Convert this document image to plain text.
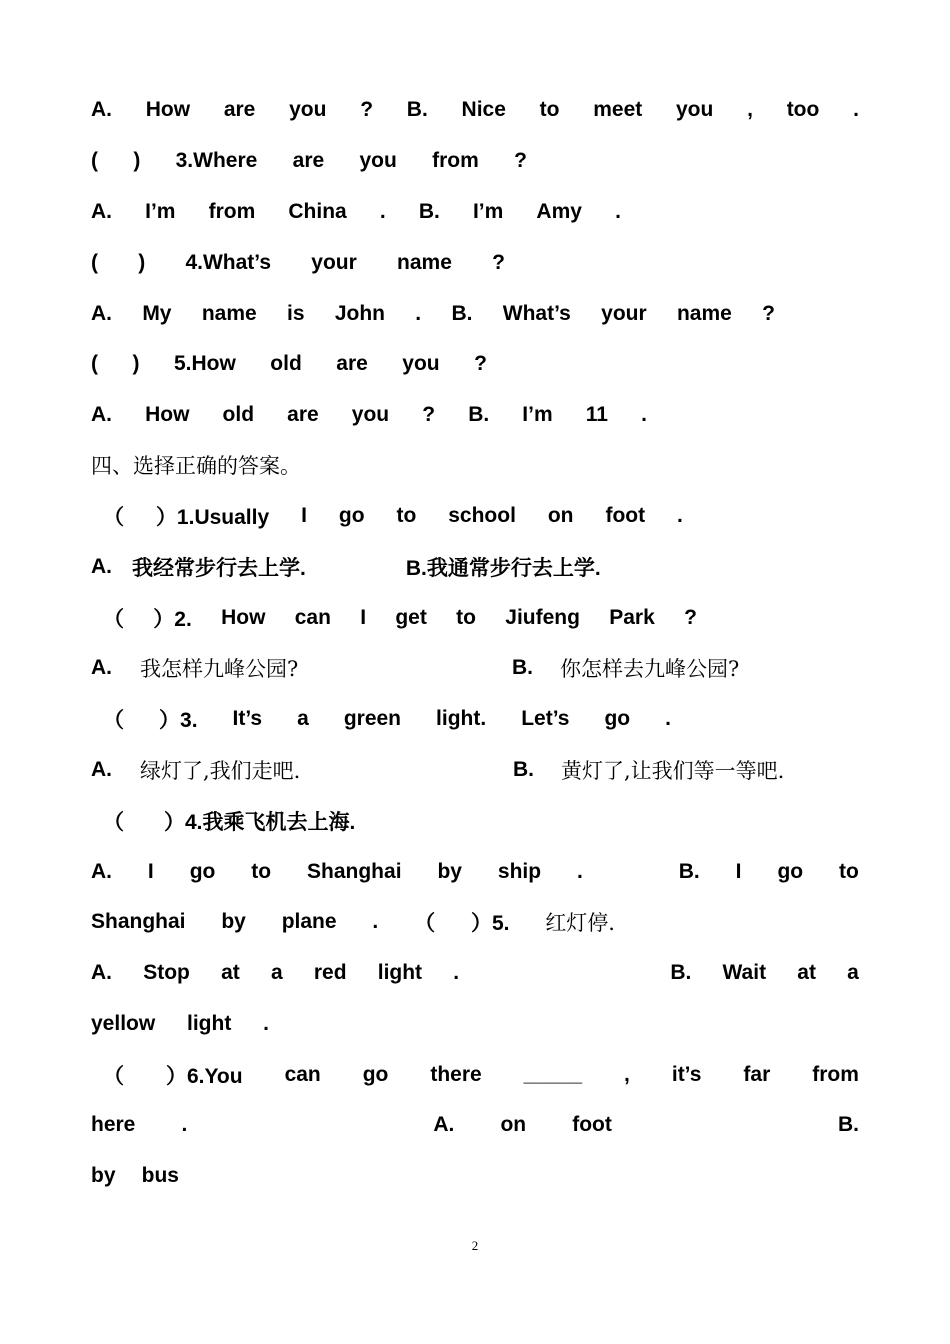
A. How are you ? B. Nice to meet you , too .
( ) 3.Where are you from ?
A. I’m from China . B. I’m Amy .
( ) 4.What’s your name ?
A. My name is John . B. What’s your name ?
( ) 5.How old are you ?
A. How old are you ? B. I’m 11 .
四、选择正确的答案。
（ ）1.Usually I go to school on foot .
A. 我经常步行去上学.	B.我通常步行去上学.
（ ）2. How can I get to Jiufeng Park ?
A. 我怎样九峰公园?	B. 你怎样去九峰公园?
（ ）3. It’s a green light. Let’s go .
A. 绿灯了,我们走吧.	B. 黄灯了,让我们等一等吧.
（ ）4.我乘飞机去上海.
A. I go to Shanghai by ship .	B. I go to
Shanghai by plane . （ ）5. 红灯停.
A. Stop at a red light .	B. Wait at a
yellow light .
（ ）6.You can go there _____ , it’s far from
here .	A. on foot	B.
by bus
2
